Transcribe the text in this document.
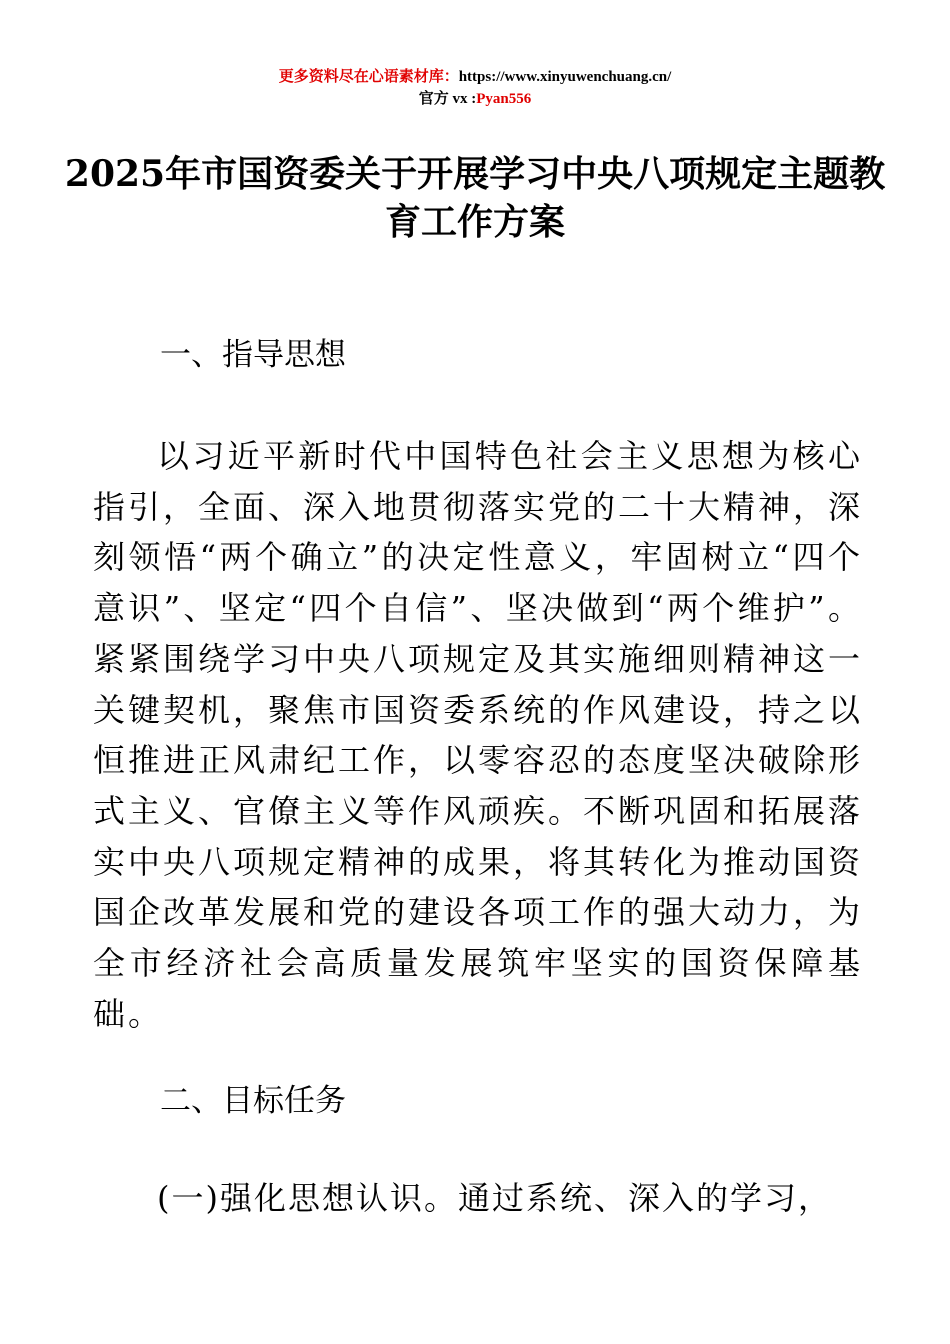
更多资料尽在心语素材库：https://www.xinyuwenchuang.cn/
官方 vx :Pyan556
2025年市国资委关于开展学习中央八项规定主题教育工作方案
一、指导思想
以习近平新时代中国特色社会主义思想为核心指引，全面、深入地贯彻落实党的二十大精神，深刻领悟“两个确立”的决定性意义，牢固树立“四个意识”、坚定“四个自信”、坚决做到“两个维护”。紧紧围绕学习中央八项规定及其实施细则精神这一关键契机，聚焦市国资委系统的作风建设，持之以恒推进正风肃纪工作，以零容忍的态度坚决破除形式主义、官僚主义等作风顽疾。不断巩固和拓展落实中央八项规定精神的成果，将其转化为推动国资国企改革发展和党的建设各项工作的强大动力，为全市经济社会高质量发展筑牢坚实的国资保障基础。
二、目标任务
(一)强化思想认识。通过系统、深入的学习，
